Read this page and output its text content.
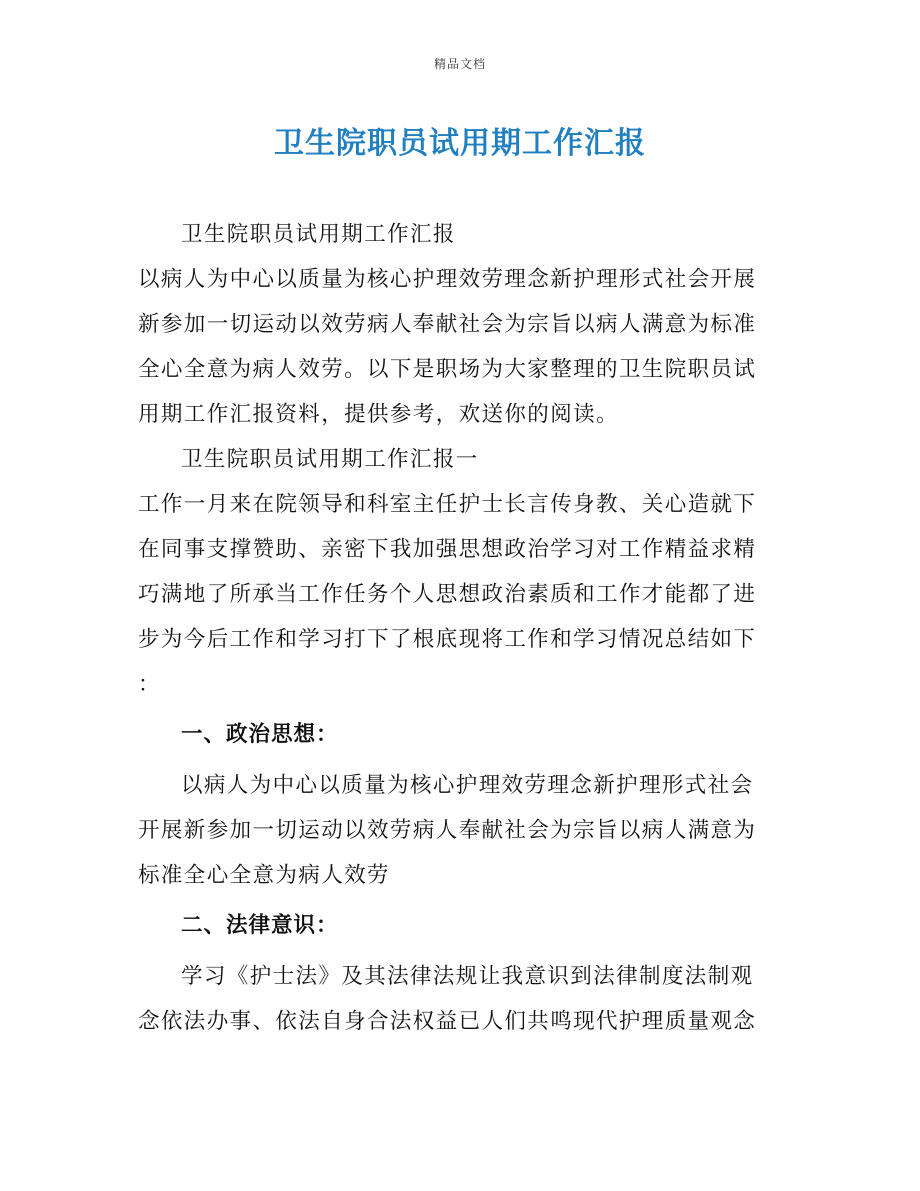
精品文档
卫生院职员试用期工作汇报
卫生院职员试用期工作汇报
以病人为中心以质量为核心护理效劳理念新护理形式社会开展
新参加一切运动以效劳病人奉献社会为宗旨以病人满意为标准
全心全意为病人效劳。以下是职场为大家整理的卫生院职员试
用期工作汇报资料，提供参考，欢送你的阅读。
卫生院职员试用期工作汇报一
工作一月来在院领导和科室主任护士长言传身教、关心造就下
在同事支撑赞助、亲密下我加强思想政治学习对工作精益求精
巧满地了所承当工作任务个人思想政治素质和工作才能都了进
步为今后工作和学习打下了根底现将工作和学习情况总结如下
：
一、政治思想：
以病人为中心以质量为核心护理效劳理念新护理形式社会
开展新参加一切运动以效劳病人奉献社会为宗旨以病人满意为
标准全心全意为病人效劳
二、法律意识：
学习《护士法》及其法律法规让我意识到法律制度法制观
念依法办事、依法自身合法权益已人们共鸣现代护理质量观念
